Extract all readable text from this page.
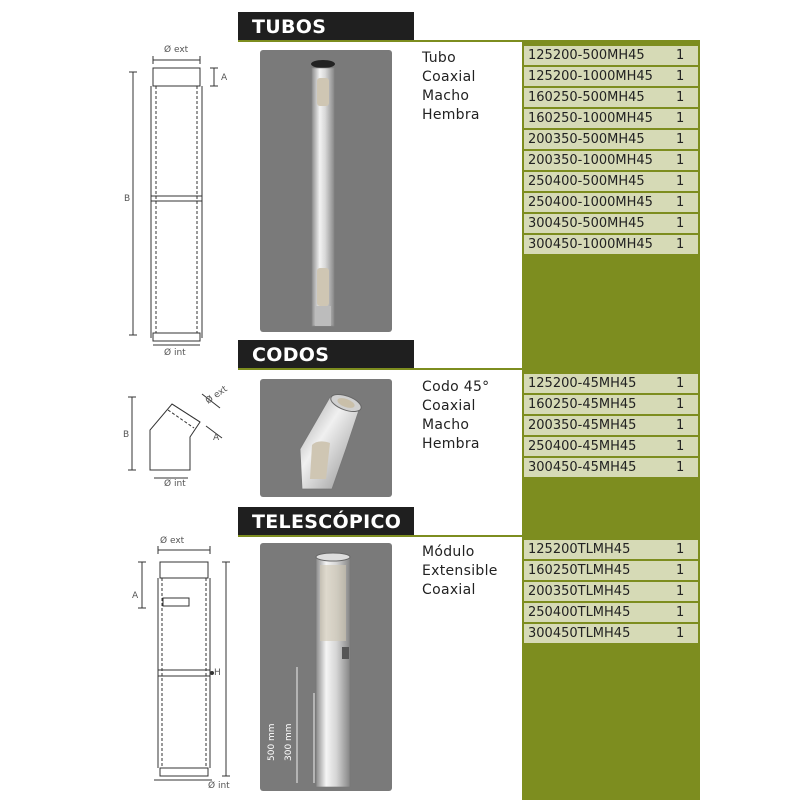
TUBOS
Tubo
Coaxial
Macho
Hembra
125200-500MH45	1
125200-1000MH45	1
160250-500MH45	1
160250-1000MH45	1
200350-500MH45	1
200350-1000MH45	1
250400-500MH45	1
250400-1000MH45	1
300450-500MH45	1
300450-1000MH45	1
Ø ext
Ø int
A
B
CODOS
Codo 45°
Coaxial
Macho
Hembra
125200-45MH45	1
160250-45MH45	1
200350-45MH45	1
250400-45MH45	1
300450-45MH45	1
Ø ext
Ø int
A
B
TELESCÓPICO
Módulo
Extensible
Coaxial
125200TLMH45	1
160250TLMH45	1
200350TLMH45	1
250400TLMH45	1
300450TLMH45	1
500 mm 300 mm
Ø ext
Ø int
A
H
